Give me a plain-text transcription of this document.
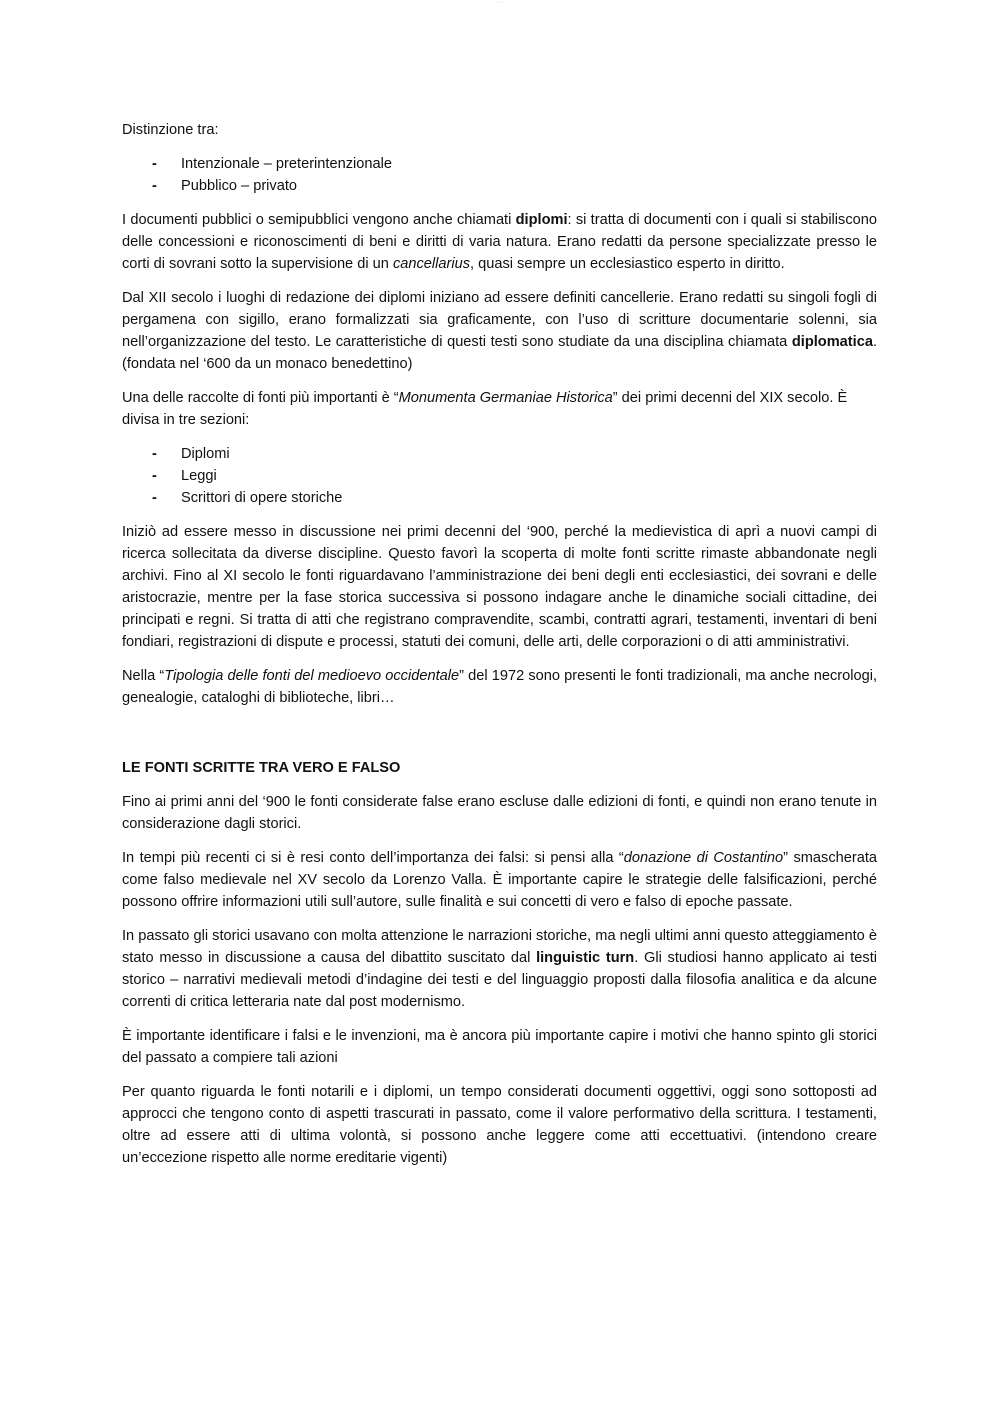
·· ······

Distinzione tra:

- Intenzionale – preterintenzionale
- Pubblico – privato

I documenti pubblici o semipubblici vengono anche chiamati diplomi: si tratta di documenti con i quali si stabiliscono delle concessioni e riconoscimenti di beni e diritti di varia natura. Erano redatti da persone specializzate presso le corti di sovrani sotto la supervisione di un cancellarius, quasi sempre un ecclesiastico esperto in diritto.

Dal XII secolo i luoghi di redazione dei diplomi iniziano ad essere definiti cancellerie. Erano redatti su singoli fogli di pergamena con sigillo, erano formalizzati sia graficamente, con l’uso di scritture documentarie solenni, sia nell’organizzazione del testo. Le caratteristiche di questi testi sono studiate da una disciplina chiamata diplomatica. (fondata nel ‘600 da un monaco benedettino)

Una delle raccolte di fonti più importanti è “Monumenta Germaniae Historica” dei primi decenni del XIX secolo. È divisa in tre sezioni:

- Diplomi
- Leggi
- Scrittori di opere storiche

Iniziò ad essere messo in discussione nei primi decenni del ‘900, perché la medievistica di aprì a nuovi campi di ricerca sollecitata da diverse discipline. Questo favorì la scoperta di molte fonti scritte rimaste abbandonate negli archivi. Fino al XI secolo le fonti riguardavano l’amministrazione dei beni degli enti ecclesiastici, dei sovrani e delle aristocrazie, mentre per la fase storica successiva si possono indagare anche le dinamiche sociali cittadine, dei principati e regni. Si tratta di atti che registrano compravendite, scambi, contratti agrari, testamenti, inventari di beni fondiari, registrazioni di dispute e processi, statuti dei comuni, delle arti, delle corporazioni o di atti amministrativi.

Nella “Tipologia delle fonti del medioevo occidentale” del 1972 sono presenti le fonti tradizionali, ma anche necrologi, genealogie, cataloghi di biblioteche, libri…

LE FONTI SCRITTE TRA VERO E FALSO

Fino ai primi anni del ‘900 le fonti considerate false erano escluse dalle edizioni di fonti, e quindi non erano tenute in considerazione dagli storici.

In tempi più recenti ci si è resi conto dell’importanza dei falsi: si pensi alla “donazione di Costantino” smascherata come falso medievale nel XV secolo da Lorenzo Valla. È importante capire le strategie delle falsificazioni, perché possono offrire informazioni utili sull’autore, sulle finalità e sui concetti di vero e falso di epoche passate.

In passato gli storici usavano con molta attenzione le narrazioni storiche, ma negli ultimi anni questo atteggiamento è stato messo in discussione a causa del dibattito suscitato dal linguistic turn. Gli studiosi hanno applicato ai testi storico – narrativi medievali metodi d’indagine dei testi e del linguaggio proposti dalla filosofia analitica e da alcune correnti di critica letteraria nate dal post modernismo.

È importante identificare i falsi e le invenzioni, ma è ancora più importante capire i motivi che hanno spinto gli storici del passato a compiere tali azioni

Per quanto riguarda le fonti notarili e i diplomi, un tempo considerati documenti oggettivi, oggi sono sottoposti ad approcci che tengono conto di aspetti trascurati in passato, come il valore performativo della scrittura. I testamenti, oltre ad essere atti di ultima volontà, si possono anche leggere come atti eccettuativi. (intendono creare un’eccezione rispetto alle norme ereditarie vigenti)
